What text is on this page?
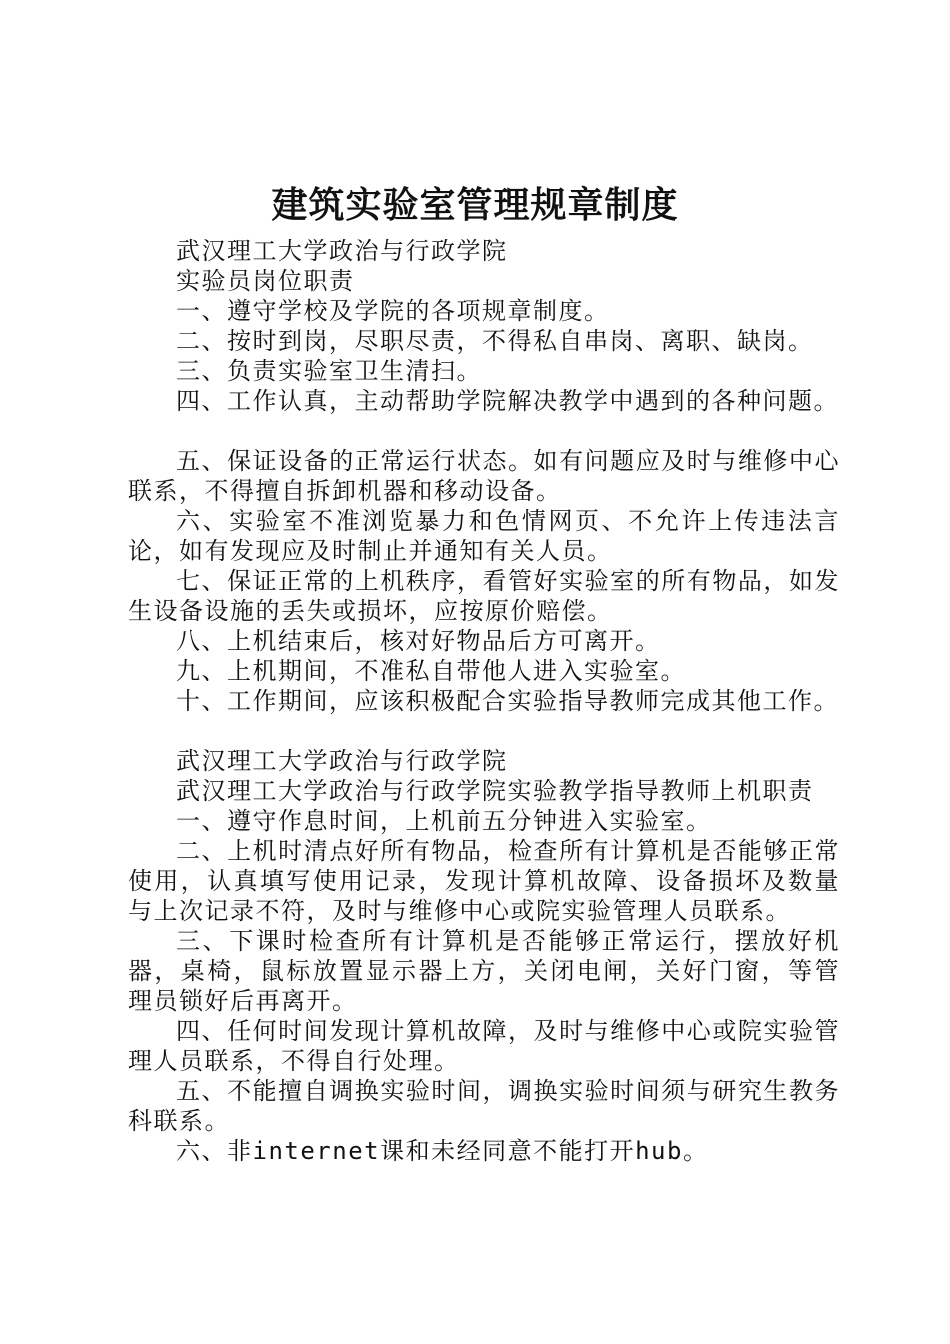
建筑实验室管理规章制度

武汉理工大学政治与行政学院

实验员岗位职责

一、遵守学校及学院的各项规章制度。

二、按时到岗，尽职尽责，不得私自串岗、离职、缺岗。

三、负责实验室卫生清扫。

四、工作认真，主动帮助学院解决教学中遇到的各种问题。

五、保证设备的正常运行状态。如有问题应及时与维修中心联系，不得擅自拆卸机器和移动设备。

六、实验室不准浏览暴力和色情网页、不允许上传违法言论，如有发现应及时制止并通知有关人员。

七、保证正常的上机秩序，看管好实验室的所有物品，如发生设备设施的丢失或损坏，应按原价赔偿。

八、上机结束后，核对好物品后方可离开。

九、上机期间，不准私自带他人进入实验室。

十、工作期间，应该积极配合实验指导教师完成其他工作。

武汉理工大学政治与行政学院

武汉理工大学政治与行政学院实验教学指导教师上机职责

一、遵守作息时间，上机前五分钟进入实验室。

二、上机时清点好所有物品，检查所有计算机是否能够正常使用，认真填写使用记录，发现计算机故障、设备损坏及数量与上次记录不符，及时与维修中心或院实验管理人员联系。

三、下课时检查所有计算机是否能够正常运行，摆放好机器，桌椅，鼠标放置显示器上方，关闭电闸，关好门窗，等管理员锁好后再离开。

四、任何时间发现计算机故障，及时与维修中心或院实验管理人员联系，不得自行处理。

五、不能擅自调换实验时间，调换实验时间须与研究生教务科联系。

六、非internet课和未经同意不能打开hub。
